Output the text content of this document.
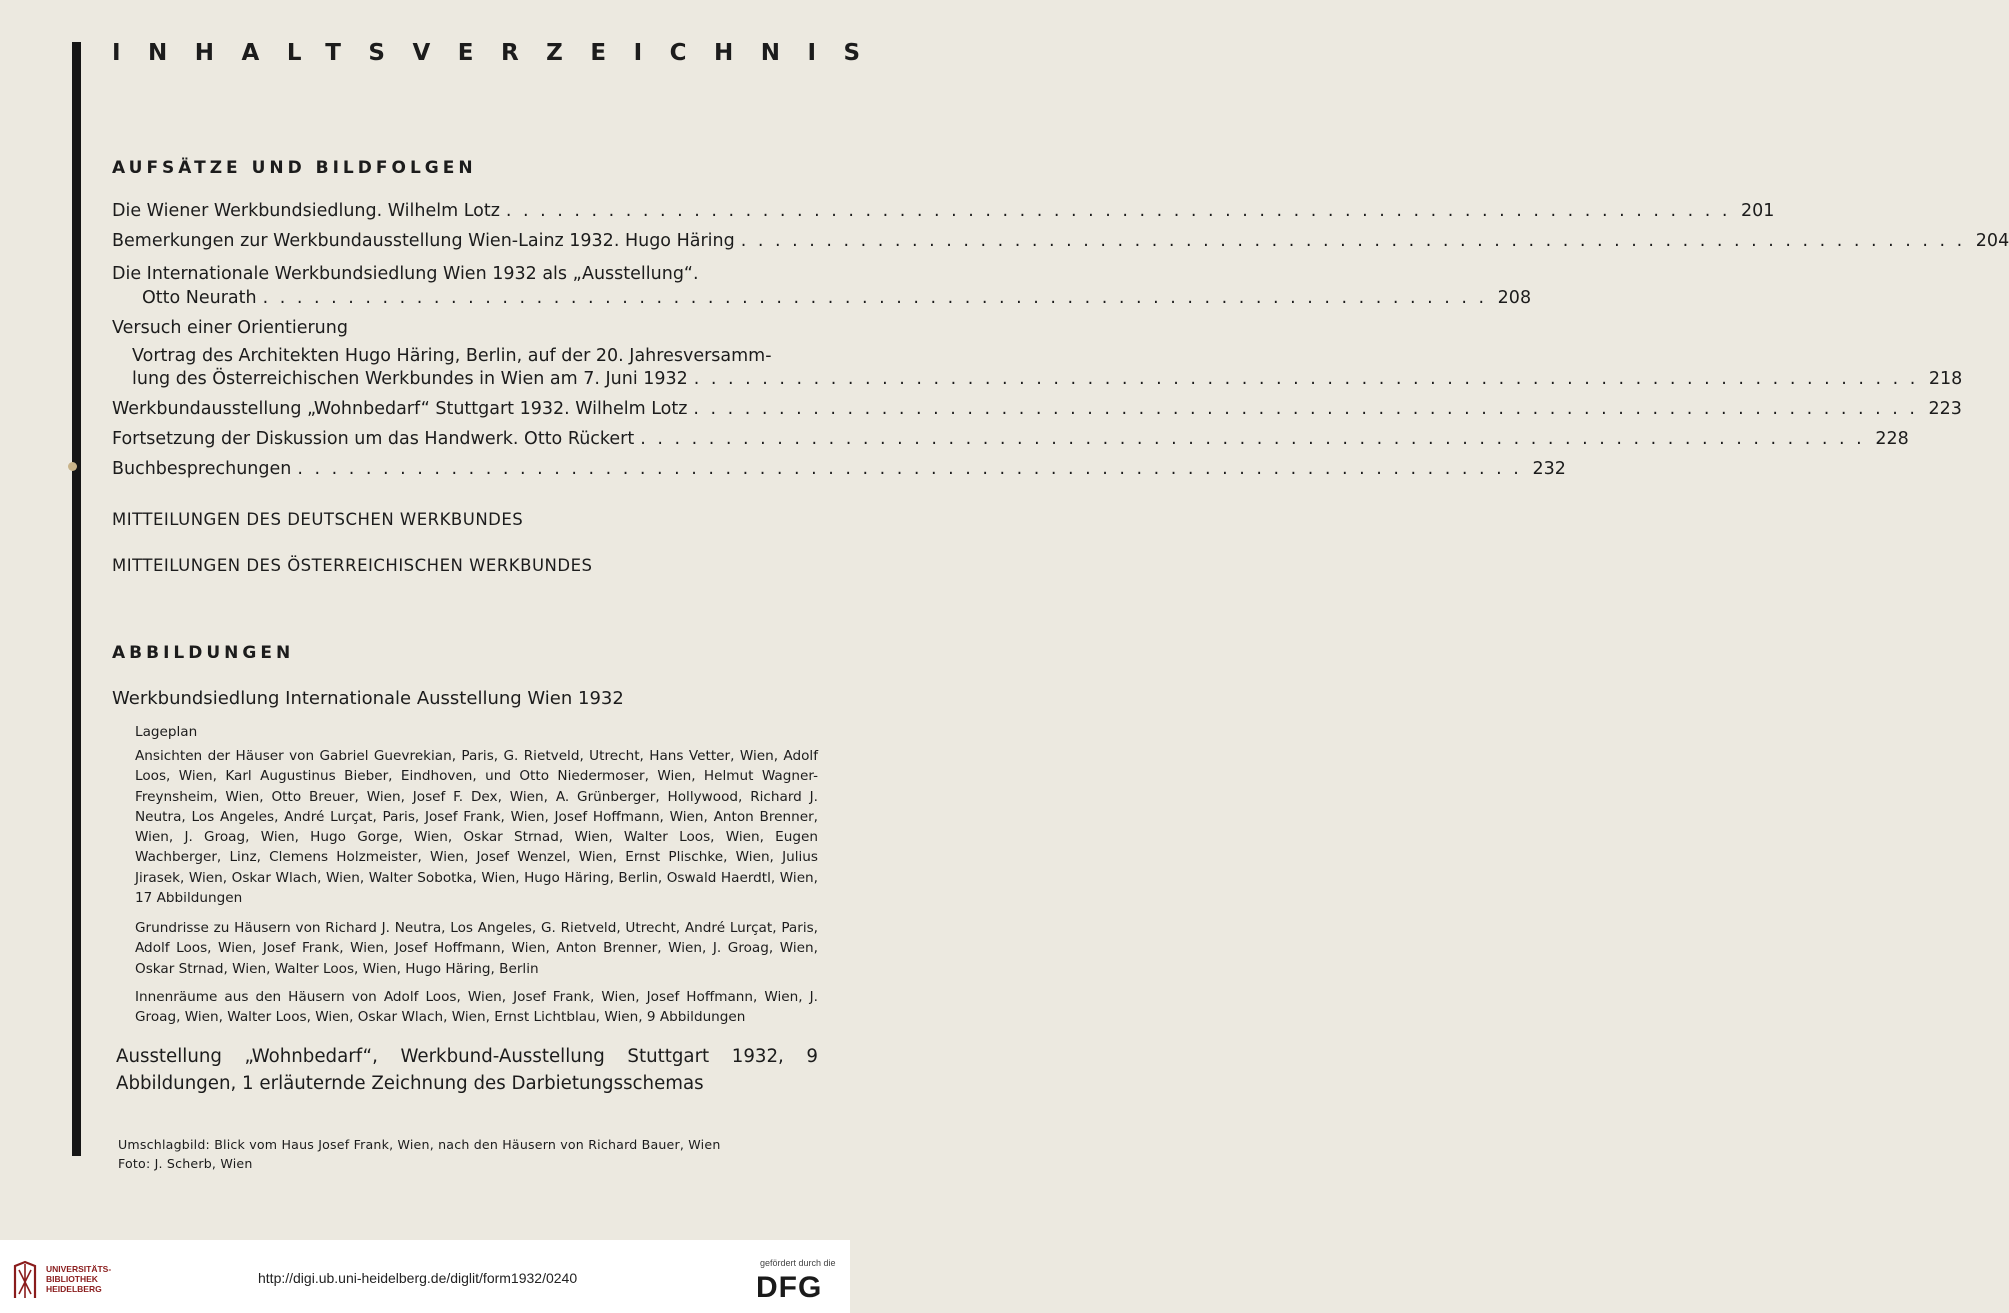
INHALTSVERZEICHNIS
AUFSÄTZE UND BILDFOLGEN
Die Wiener Werkbundsiedlung. Wilhelm Lotz . . . . . . . . . . . . . . . . . . . . . . . . . . . . . . . . . . . . . . . . . . . . . . . . . . . . . . . . . . . . . . . . . . . . . . . . 201
Bemerkungen zur Werkbundausstellung Wien-Lainz 1932. Hugo Häring . . . . . . . . . . . . . . . . . . . . . . . . . . . . . . . . . . . . . . . . . . . . . . . . . . . . . . . . . . . . . . . . . . . . . . . . 204
Die Internationale Werkbundsiedlung Wien 1932 als „Ausstellung“.
Otto Neurath . . . . . . . . . . . . . . . . . . . . . . . . . . . . . . . . . . . . . . . . . . . . . . . . . . . . . . . . . . . . . . . . . . . . . . . . 208
Versuch einer Orientierung
Vortrag des Architekten Hugo Häring, Berlin, auf der 20. Jahresversamm-
lung des Österreichischen Werkbundes in Wien am 7. Juni 1932 . . . . . . . . . . . . . . . . . . . . . . . . . . . . . . . . . . . . . . . . . . . . . . . . . . . . . . . . . . . . . . . . . . . . . . . . 218
Werkbundausstellung „Wohnbedarf“ Stuttgart 1932. Wilhelm Lotz . . . . . . . . . . . . . . . . . . . . . . . . . . . . . . . . . . . . . . . . . . . . . . . . . . . . . . . . . . . . . . . . . . . . . . . . 223
Fortsetzung der Diskussion um das Handwerk. Otto Rückert . . . . . . . . . . . . . . . . . . . . . . . . . . . . . . . . . . . . . . . . . . . . . . . . . . . . . . . . . . . . . . . . . . . . . . . . 228
Buchbesprechungen . . . . . . . . . . . . . . . . . . . . . . . . . . . . . . . . . . . . . . . . . . . . . . . . . . . . . . . . . . . . . . . . . . . . . . . . 232
MITTEILUNGEN DES DEUTSCHEN WERKBUNDES
MITTEILUNGEN DES ÖSTERREICHISCHEN WERKBUNDES
ABBILDUNGEN
Werkbundsiedlung Internationale Ausstellung Wien 1932
Lageplan
Ansichten der Häuser von Gabriel Guevrekian, Paris, G. Rietveld, Utrecht, Hans Vetter, Wien, Adolf Loos, Wien, Karl Augustinus Bieber, Eindhoven, und Otto Niedermoser, Wien, Helmut Wagner-Freynsheim, Wien, Otto Breuer, Wien, Josef F. Dex, Wien, A. Grünberger, Hollywood, Richard J. Neutra, Los Angeles, André Lurçat, Paris, Josef Frank, Wien, Josef Hoffmann, Wien, Anton Brenner, Wien, J. Groag, Wien, Hugo Gorge, Wien, Oskar Strnad, Wien, Walter Loos, Wien, Eugen Wachberger, Linz, Clemens Holzmeister, Wien, Josef Wenzel, Wien, Ernst Plischke, Wien, Julius Jirasek, Wien, Oskar Wlach, Wien, Walter Sobotka, Wien, Hugo Häring, Berlin, Oswald Haerdtl, Wien, 17 Abbildungen
Grundrisse zu Häusern von Richard J. Neutra, Los Angeles, G. Rietveld, Utrecht, André Lurçat, Paris, Adolf Loos, Wien, Josef Frank, Wien, Josef Hoffmann, Wien, Anton Brenner, Wien, J. Groag, Wien, Oskar Strnad, Wien, Walter Loos, Wien, Hugo Häring, Berlin
Innenräume aus den Häusern von Adolf Loos, Wien, Josef Frank, Wien, Josef Hoffmann, Wien, J. Groag, Wien, Walter Loos, Wien, Oskar Wlach, Wien, Ernst Lichtblau, Wien, 9 Abbildungen
Ausstellung „Wohnbedarf“, Werkbund-Ausstellung Stuttgart 1932, 9 Abbildungen, 1 erläuternde Zeichnung des Darbietungsschemas
Umschlagbild: Blick vom Haus Josef Frank, Wien, nach den Häusern von Richard Bauer, Wien
Foto: J. Scherb, Wien
UNIVERSITÄTS-
BIBLIOTHEK
HEIDELBERG
http://digi.ub.uni-heidelberg.de/diglit/form1932/0240
gefördert durch die
DFG
